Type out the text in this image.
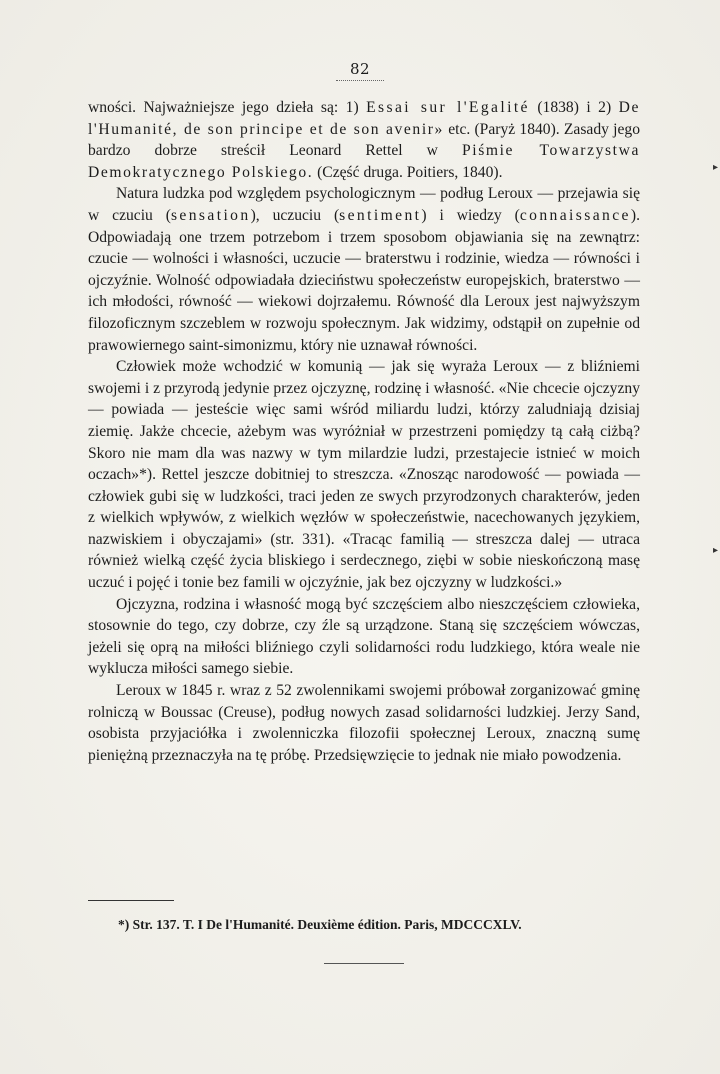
82

wności. Najważniejsze jego dzieła są: 1) Essai sur l'Egalité (1838) i 2) De l'Humanité, de son principe et de son avenir» etc. (Paryż 1840). Zasady jego bardzo dobrze streścił Leonard Rettel w Piśmie Towarzystwa Demokratycznego Polskiego. (Część druga. Poitiers, 1840).

Natura ludzka pod względem psychologicznym — podług Leroux — przejawia się w czuciu (sensation), uczuciu (sentiment) i wiedzy (connaissance). Odpowiadają one trzem potrzebom i trzem sposobom objawiania się na zewnątrz: czucie — wolności i własności, uczucie — braterstwu i rodzinie, wiedza — równości i ojczyźnie. Wolność odpowiadała dzieciństwu społeczeństw europejskich, braterstwo — ich młodości, równość — wiekowi dojrzałemu. Równość dla Leroux jest najwyższym filozoficznym szczeblem w rozwoju społecznym. Jak widzimy, odstąpił on zupełnie od prawowiernego saint-simonizmu, który nie uznawał równości.

Człowiek może wchodzić w komunią — jak się wyraża Leroux — z bliźniemi swojemi i z przyrodą jedynie przez ojczyznę, rodzinę i własność. «Nie chcecie ojczyzny — powiada — jesteście więc sami wśród miliardu ludzi, którzy zaludniają dzisiaj ziemię. Jakże chcecie, ażebym was wyróżniał w przestrzeni pomiędzy tą całą ciżbą? Skoro nie mam dla was nazwy w tym milardzie ludzi, przestajecie istnieć w moich oczach»*). Rettel jeszcze dobitniej to streszcza. «Znosząc narodowość — powiada — człowiek gubi się w ludzkości, traci jeden ze swych przyrodzonych charakterów, jeden z wielkich wpływów, z wielkich węzłów w społeczeństwie, nacechowanych językiem, nazwiskiem i obyczajami» (str. 331). «Tracąc familią — streszcza dalej — utraca również wielką część życia bliskiego i serdecznego, ziębi w sobie nieskończoną masę uczuć i pojęć i tonie bez famili w ojczyźnie, jak bez ojczyzny w ludzkości.»

Ojczyzna, rodzina i własność mogą być szczęściem albo nieszczęściem człowieka, stosownie do tego, czy dobrze, czy źle są urządzone. Staną się szczęściem wówczas, jeżeli się oprą na miłości bliźniego czyli solidarności rodu ludzkiego, która weale nie wyklucza miłości samego siebie.

Leroux w 1845 r. wraz z 52 zwolennikami swojemi próbował zorganizować gminę rolniczą w Boussac (Creuse), podług nowych zasad solidarności ludzkiej. Jerzy Sand, osobista przyjaciółka i zwolenniczka filozofii społecznej Leroux, znaczną sumę pieniężną przeznaczyła na tę próbę. Przedsięwzięcie to jednak nie miało powodzenia.

*) Str. 137. T. I De l'Humanité. Deuxième édition. Paris, MDCCCXLV.
▸
▸
